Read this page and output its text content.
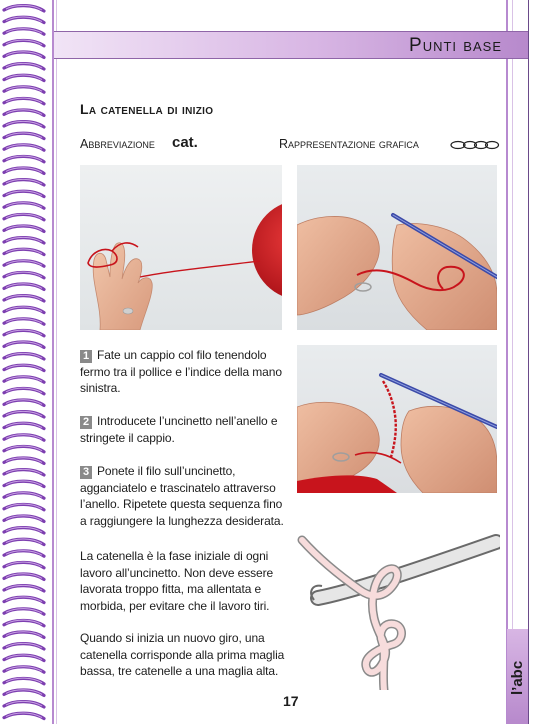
Punti base
La catenella di inizio
Abbreviazione cat.	Rappresentazione grafica
1 Fate un cappio col filo tenendolo fermo tra il pollice e l’indice della mano sinistra.
2 Introducete l’uncinetto nell’anello e stringete il cappio.
3 Ponete il filo sull’uncinetto, agganciatelo e trascinatelo attraverso l’anello. Ripetete questa sequenza fino a raggiungere la lunghezza desiderata.
La catenella è la fase iniziale di ogni lavoro all’uncinetto. Non deve essere lavorata troppo fitta, ma allentata e morbida, per evitare che il lavoro tiri.
Quando si inizia un nuovo giro, una catenella corrisponde alla prima maglia bassa, tre catenelle a una maglia alta.
17
l’abc
